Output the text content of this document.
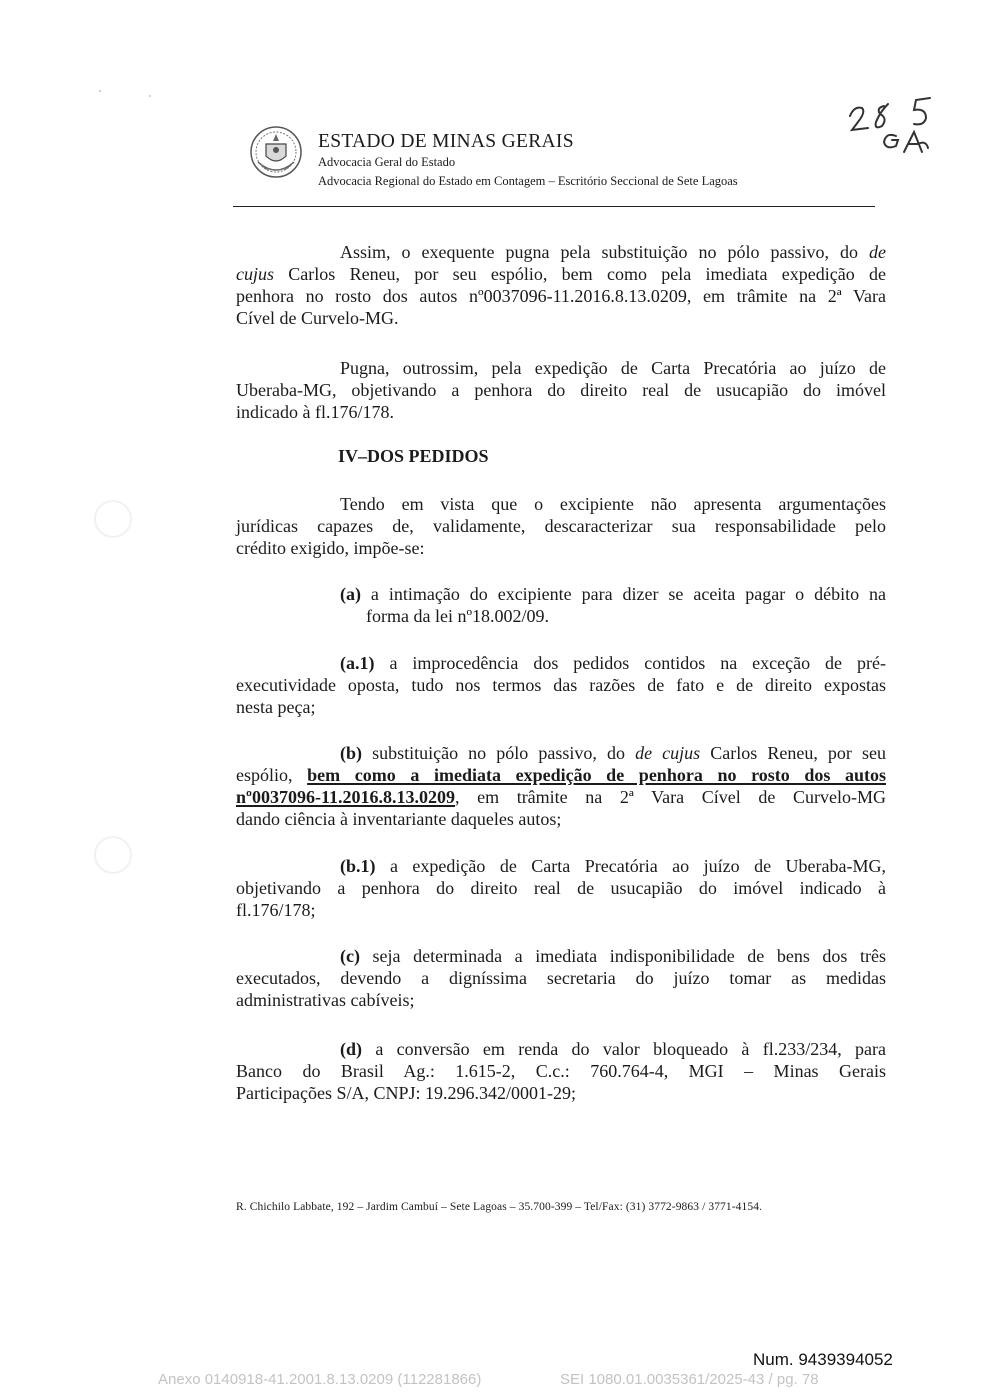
ESTADO DE MINAS GERAIS
Advocacia Geral do Estado
Advocacia Regional do Estado em Contagem – Escritório Seccional de Sete Lagoas
Assim, o exequente pugna pela substituição no pólo passivo, do de
cujus Carlos Reneu, por seu espólio, bem como pela imediata expedição de
penhora no rosto dos autos nº0037096-11.2016.8.13.0209, em trâmite na 2ª Vara
Cível de Curvelo-MG.
Pugna, outrossim, pela expedição de Carta Precatória ao juízo de
Uberaba-MG, objetivando a penhora do direito real de usucapião do imóvel
indicado à fl.176/178.
IV–DOS PEDIDOS
Tendo em vista que o excipiente não apresenta argumentações
jurídicas capazes de, validamente, descaracterizar sua responsabilidade pelo
crédito exigido, impõe-se:
(a) a intimação do excipiente para dizer se aceita pagar o débito na
forma da lei nº18.002/09.
(a.1) a improcedência dos pedidos contidos na exceção de pré-
executividade oposta, tudo nos termos das razões de fato e de direito expostas
nesta peça;
(b) substituição no pólo passivo, do de cujus Carlos Reneu, por seu
espólio, bem como a imediata expedição de penhora no rosto dos autos
nº0037096-11.2016.8.13.0209, em trâmite na 2ª Vara Cível de Curvelo-MG
dando ciência à inventariante daqueles autos;
(b.1) a expedição de Carta Precatória ao juízo de Uberaba-MG,
objetivando a penhora do direito real de usucapião do imóvel indicado à
fl.176/178;
(c) seja determinada a imediata indisponibilidade de bens dos três
executados, devendo a digníssima secretaria do juízo tomar as medidas
administrativas cabíveis;
(d) a conversão em renda do valor bloqueado à fl.233/234, para
Banco do Brasil Ag.: 1.615-2, C.c.: 760.764-4, MGI – Minas Gerais
Participações S/A, CNPJ: 19.296.342/0001-29;
R. Chichilo Labbate, 192 – Jardim Cambuí – Sete Lagoas – 35.700-399 – Tel/Fax: (31) 3772-9863 / 3771-4154.
Num. 9439394052
Anexo 0140918-41.2001.8.13.0209 (112281866)	SEI 1080.01.0035361/2025-43 / pg. 78
